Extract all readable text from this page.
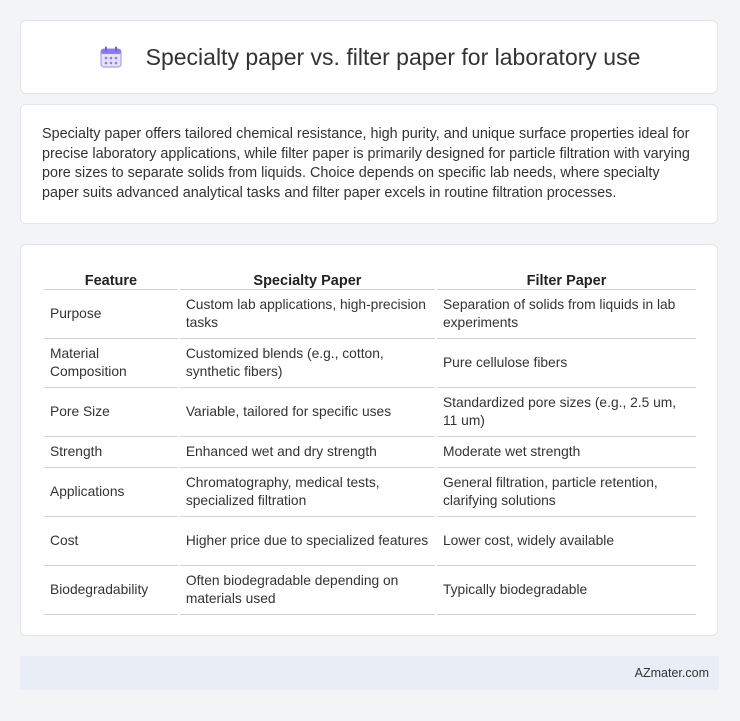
Specialty paper vs. filter paper for laboratory use

Specialty paper offers tailored chemical resistance, high purity, and unique surface properties ideal for precise laboratory applications, while filter paper is primarily designed for particle filtration with varying pore sizes to separate solids from liquids. Choice depends on specific lab needs, where specialty paper suits advanced analytical tasks and filter paper excels in routine filtration processes.

Feature	Specialty Paper	Filter Paper
Purpose	Custom lab applications, high-precision tasks	Separation of solids from liquids in lab experiments
Material Composition	Customized blends (e.g., cotton, synthetic fibers)	Pure cellulose fibers
Pore Size	Variable, tailored for specific uses	Standardized pore sizes (e.g., 2.5 um, 11 um)
Strength	Enhanced wet and dry strength	Moderate wet strength
Applications	Chromatography, medical tests, specialized filtration	General filtration, particle retention, clarifying solutions
Cost	Higher price due to specialized features	Lower cost, widely available
Biodegradability	Often biodegradable depending on materials used	Typically biodegradable
AZmater.com
